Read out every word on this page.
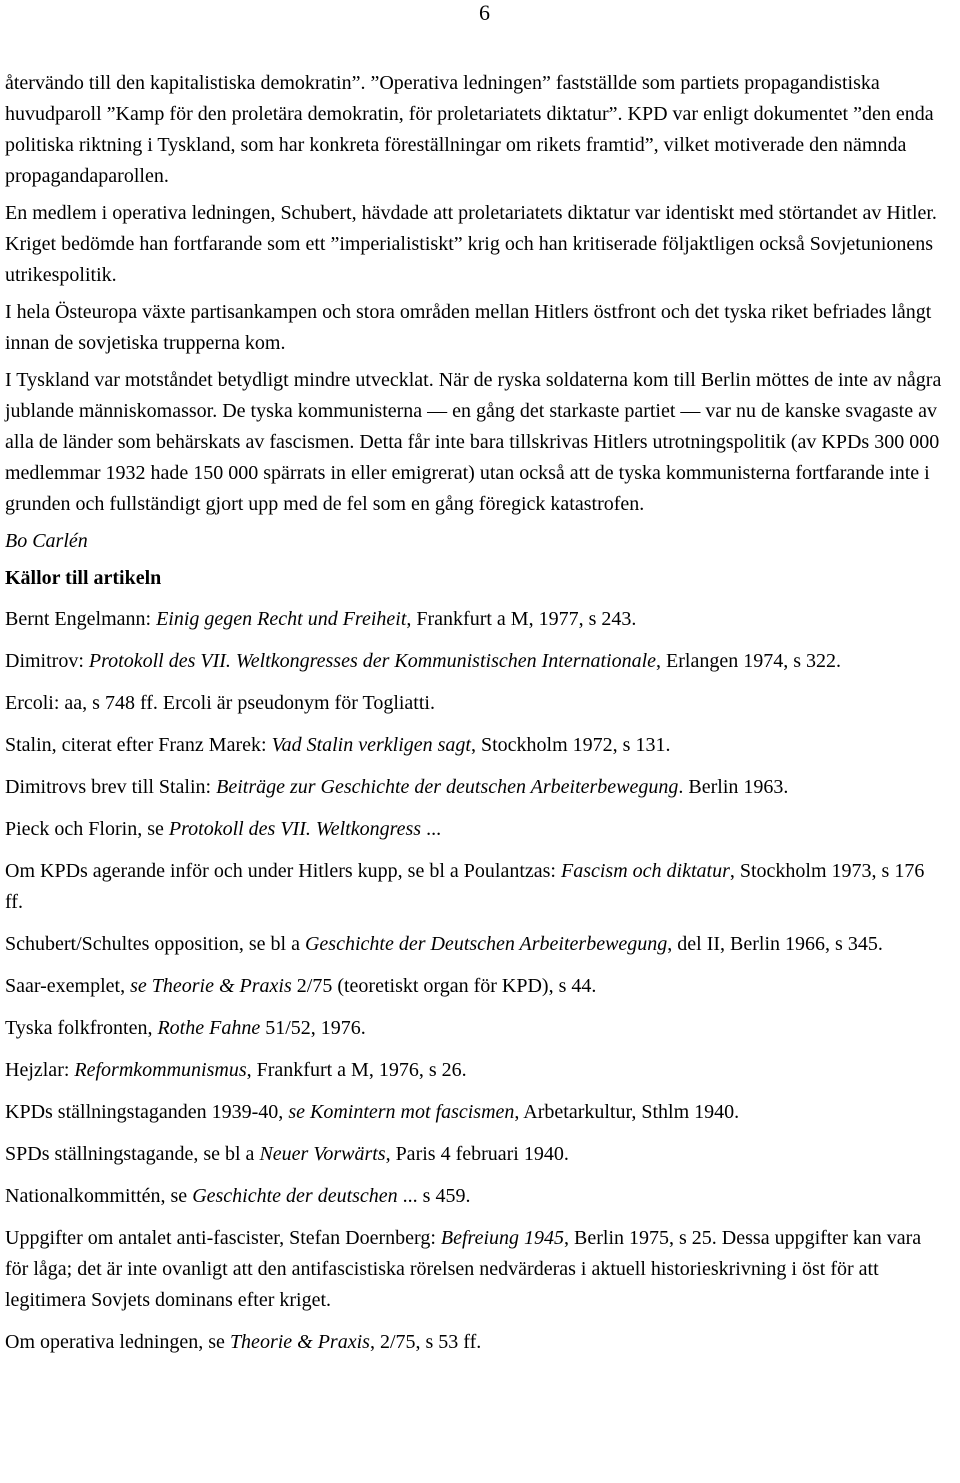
6

återvändo till den kapitalistiska demokratin”. ”Operativa ledningen” fastställde som partiets propagandistiska huvudparoll ”Kamp för den proletära demokratin, för proletariatets diktatur”. KPD var enligt dokumentet ”den enda politiska riktning i Tyskland, som har konkreta föreställningar om rikets framtid”, vilket motiverade den nämnda propagandaparollen.

En medlem i operativa ledningen, Schubert, hävdade att proletariatets diktatur var identiskt med störtandet av Hitler. Kriget bedömde han fortfarande som ett ”imperialistiskt” krig och han kritiserade följaktligen också Sovjetunionens utrikespolitik.

I hela Östeuropa växte partisankampen och stora områden mellan Hitlers östfront och det tyska riket befriades långt innan de sovjetiska trupperna kom.

I Tyskland var motståndet betydligt mindre utvecklat. När de ryska soldaterna kom till Berlin möttes de inte av några jublande människomassor. De tyska kommunisterna — en gång det starkaste partiet — var nu de kanske svagaste av alla de länder som behärskats av fascismen. Detta får inte bara tillskrivas Hitlers utrotningspolitik (av KPDs 300 000 medlemmar 1932 hade 150 000 spärrats in eller emigrerat) utan också att de tyska kommunisterna fortfarande inte i grunden och fullständigt gjort upp med de fel som en gång föregick katastrofen.

Bo Carlén

Källor till artikeln

Bernt Engelmann: Einig gegen Recht und Freiheit, Frankfurt a M, 1977, s 243.

Dimitrov: Protokoll des VII. Weltkongresses der Kommunistischen Internationale, Erlangen 1974, s 322.

Ercoli: aa, s 748 ff. Ercoli är pseudonym för Togliatti.

Stalin, citerat efter Franz Marek: Vad Stalin verkligen sagt, Stockholm 1972, s 131.

Dimitrovs brev till Stalin: Beiträge zur Geschichte der deutschen Arbeiterbewegung. Berlin 1963.

Pieck och Florin, se Protokoll des VII. Weltkongress ...

Om KPDs agerande inför och under Hitlers kupp, se bl a Poulantzas: Fascism och diktatur, Stockholm 1973, s 176 ff.

Schubert/Schultes opposition, se bl a Geschichte der Deutschen Arbeiterbewegung, del II, Berlin 1966, s 345.

Saar-exemplet, se Theorie & Praxis 2/75 (teoretiskt organ för KPD), s 44.

Tyska folkfronten, Rothe Fahne 51/52, 1976.

Hejzlar: Reformkommunismus, Frankfurt a M, 1976, s 26.

KPDs ställningstaganden 1939-40, se Komintern mot fascismen, Arbetarkultur, Sthlm 1940.

SPDs ställningstagande, se bl a Neuer Vorwärts, Paris 4 februari 1940.

Nationalkommittén, se Geschichte der deutschen ... s 459.

Uppgifter om antalet anti-fascister, Stefan Doernberg: Befreiung 1945, Berlin 1975, s 25. Dessa uppgifter kan vara för låga; det är inte ovanligt att den antifascistiska rörelsen nedvärderas i aktuell historieskrivning i öst för att legitimera Sovjets dominans efter kriget.

Om operativa ledningen, se Theorie & Praxis, 2/75, s 53 ff.
